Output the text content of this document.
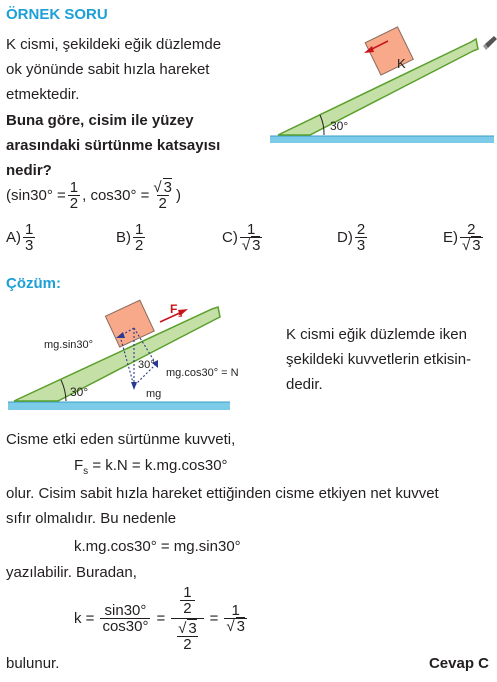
ÖRNEK SORU
K cismi, şekildeki eğik düzlemde
ok yönünde sabit hızla hareket
etmektedir.
Buna göre, cisim ile yüzey
arasındaki sürtünme katsayısı
nedir?
($\sin 30^\circ = \frac{1}{2}$ , $\cos 30^\circ = \frac{√ 3}{2}$ )
K
30°
$A) \frac{1}{3}$	$B) \frac{1}{2}$	$C) \frac{1}{√ 3}$	$D) \frac{2}{3}$	$E) \frac{2}{√ 3}$
Çözüm:
F s
mg.sin30°
30°
mg.cos30° = N
mg
30°
K cismi eğik düzlemde iken
şekildeki kuvvetlerin etkisin-
dedir.
Cisme etki eden sürtünme kuvveti,
$F_s = k.N = k.mg.\cos 30^\circ$
olur. Cisim sabit hızla hareket ettiğinden cisme etkiyen net kuvvet
sıfır olmalıdır. Bu nedenle
k.mg.cos30° = mg.sin30°
yazılabilir. Buradan,
$k = \frac{\sin 30^\circ}{\cos 30^\circ} = \frac{1}{2}$
√ 3
$2 = \frac{1}{√ 3}$
bulunur.	Cevap C
